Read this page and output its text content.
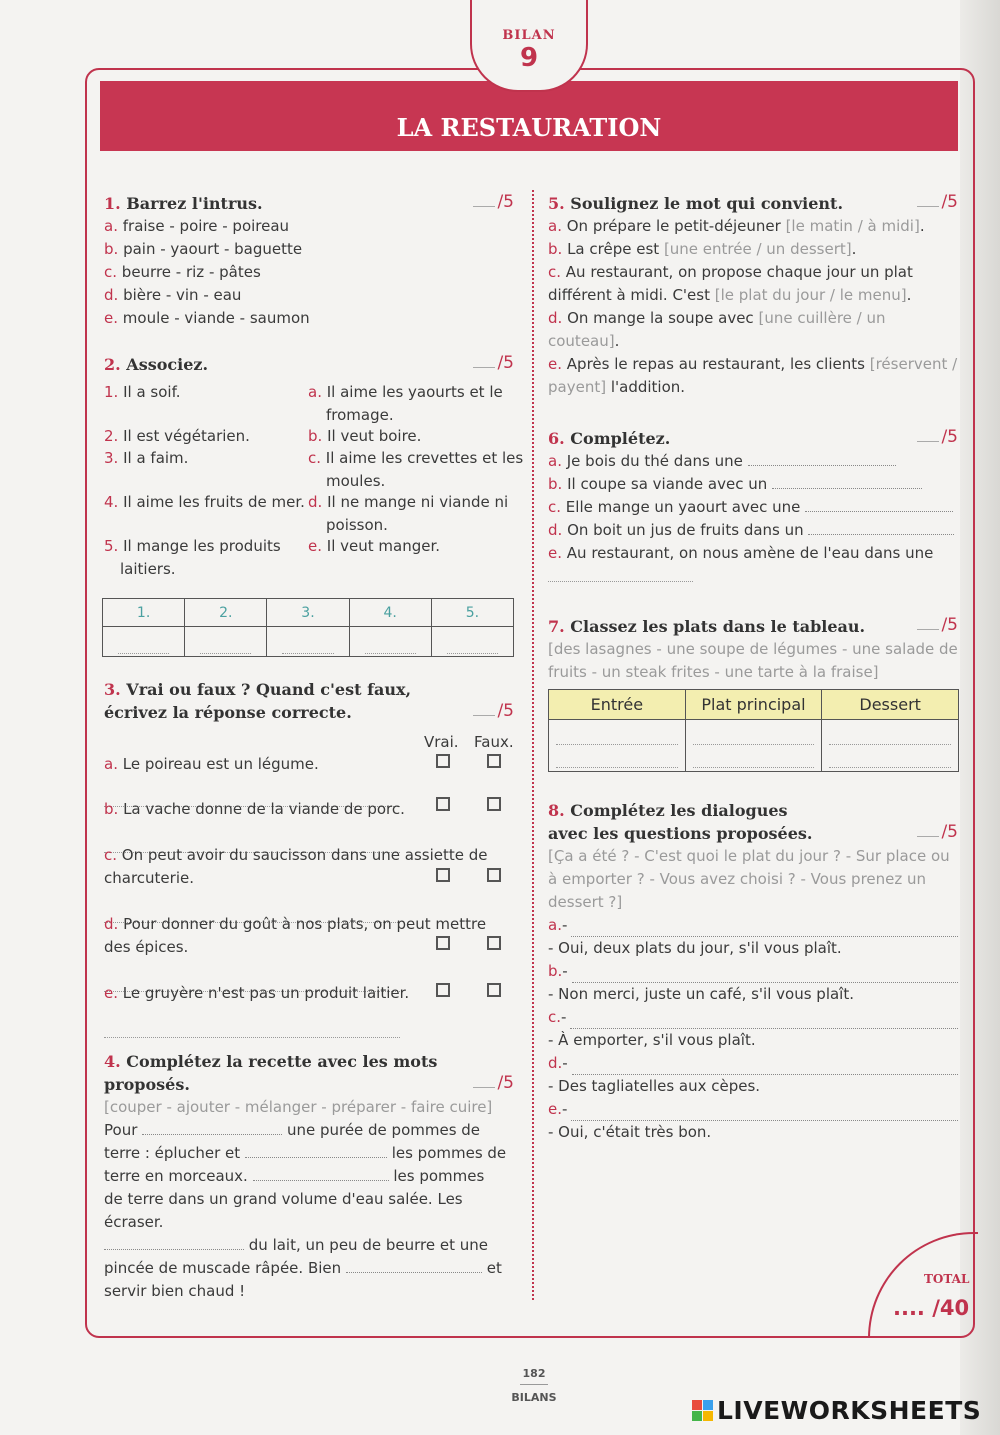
BILAN
9
LA RESTAURATION
1. Barrez l'intrus.	/5
a. fraise - poire - poireau
b. pain - yaourt - baguette
c. beurre - riz - pâtes
d. bière - vin - eau
e. moule - viande - saumon
2. Associez.	/5
1. Il a soif.
2. Il est végétarien.
3. Il a faim.
4. Il aime les fruits de mer.
5. Il mange les produits laitiers.
a. Il aime les yaourts et le fromage.
b. Il veut boire.
c. Il aime les crevettes et les moules.
d. Il ne mange ni viande ni poisson.
e. Il veut manger.
1.	2.	3.	4.	5.

3. Vrai ou faux ? Quand c'est faux,
écrivez la réponse correcte.	/5
Vrai. Faux.
a. Le poireau est un légume.
b. La vache donne de la viande de porc.
c. On peut avoir du saucisson dans une assiette de charcuterie.
d. Pour donner du goût à nos plats, on peut mettre des épices.
e. Le gruyère n'est pas un produit laitier.
4. Complétez la recette avec les mots
proposés.	/5
[couper - ajouter - mélanger - préparer - faire cuire]
Pour	une purée de pommes de
terre : éplucher et	les pommes de
terre en morceaux.	les pommes
de terre dans un grand volume d'eau salée. Les
écraser.
du lait, un peu de beurre et une
pincée de muscade râpée. Bien	et
servir bien chaud !
5. Soulignez le mot qui convient.	/5
a. On prépare le petit-déjeuner [le matin / à midi].
b. La crêpe est [une entrée / un dessert].
c. Au restaurant, on propose chaque jour un plat différent à midi. C'est [le plat du jour / le menu].
d. On mange la soupe avec [une cuillère / un couteau].
e. Après le repas au restaurant, les clients [réservent / payent] l'addition.
6. Complétez.	/5
a. Je bois du thé dans une
b. Il coupe sa viande avec un
c. Elle mange un yaourt avec une
d. On boit un jus de fruits dans un
e. Au restaurant, on nous amène de l'eau dans une
7. Classez les plats dans le tableau.	/5
[des lasagnes - une soupe de légumes - une salade de fruits - un steak frites - une tarte à la fraise]
Entrée	Plat principal	Dessert

8. Complétez les dialogues
avec les questions proposées.	/5
[Ça a été ? - C'est quoi le plat du jour ? - Sur place ou à emporter ? - Vous avez choisi ? - Vous prenez un dessert ?]
a. -
- Oui, deux plats du jour, s'il vous plaît.
b. -
- Non merci, juste un café, s'il vous plaît.
c. -
- À emporter, s'il vous plaît.
d. -
- Des tagliatelles aux cèpes.
e. -
- Oui, c'était très bon.
TOTAL
.... /40
182
BILANS	LIVEWORKSHEETS
